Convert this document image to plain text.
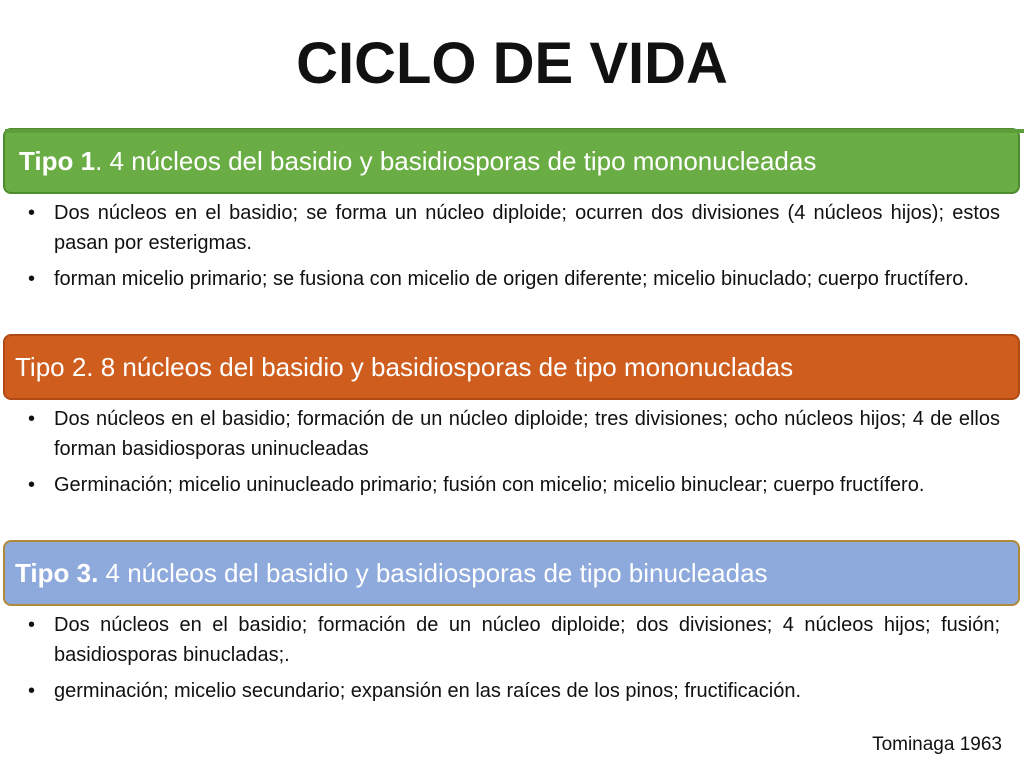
CICLO DE VIDA
Tipo 1. 4 núcleos del basidio y basidiosporas de tipo mononucleadas
• Dos núcleos en el basidio; se forma un núcleo diploide; ocurren dos divisiones (4 núcleos hijos); estos pasan por esterigmas.
• forman micelio primario; se fusiona con micelio de origen diferente; micelio binuclado; cuerpo fructífero.
Tipo 2. 8 núcleos del basidio y basidiosporas de tipo mononucladas
• Dos núcleos en el basidio; formación de un núcleo diploide; tres divisiones; ocho núcleos hijos; 4 de ellos forman basidiosporas uninucleadas
• Germinación; micelio uninucleado primario; fusión con micelio; micelio binuclear; cuerpo fructífero.
Tipo 3. 4 núcleos del basidio y basidiosporas de tipo binucleadas
• Dos núcleos en el basidio; formación de un núcleo diploide; dos divisiones; 4 núcleos hijos; fusión; basidiosporas binucladas;.
• germinación; micelio secundario; expansión en las raíces de los pinos; fructificación.
Tominaga 1963
